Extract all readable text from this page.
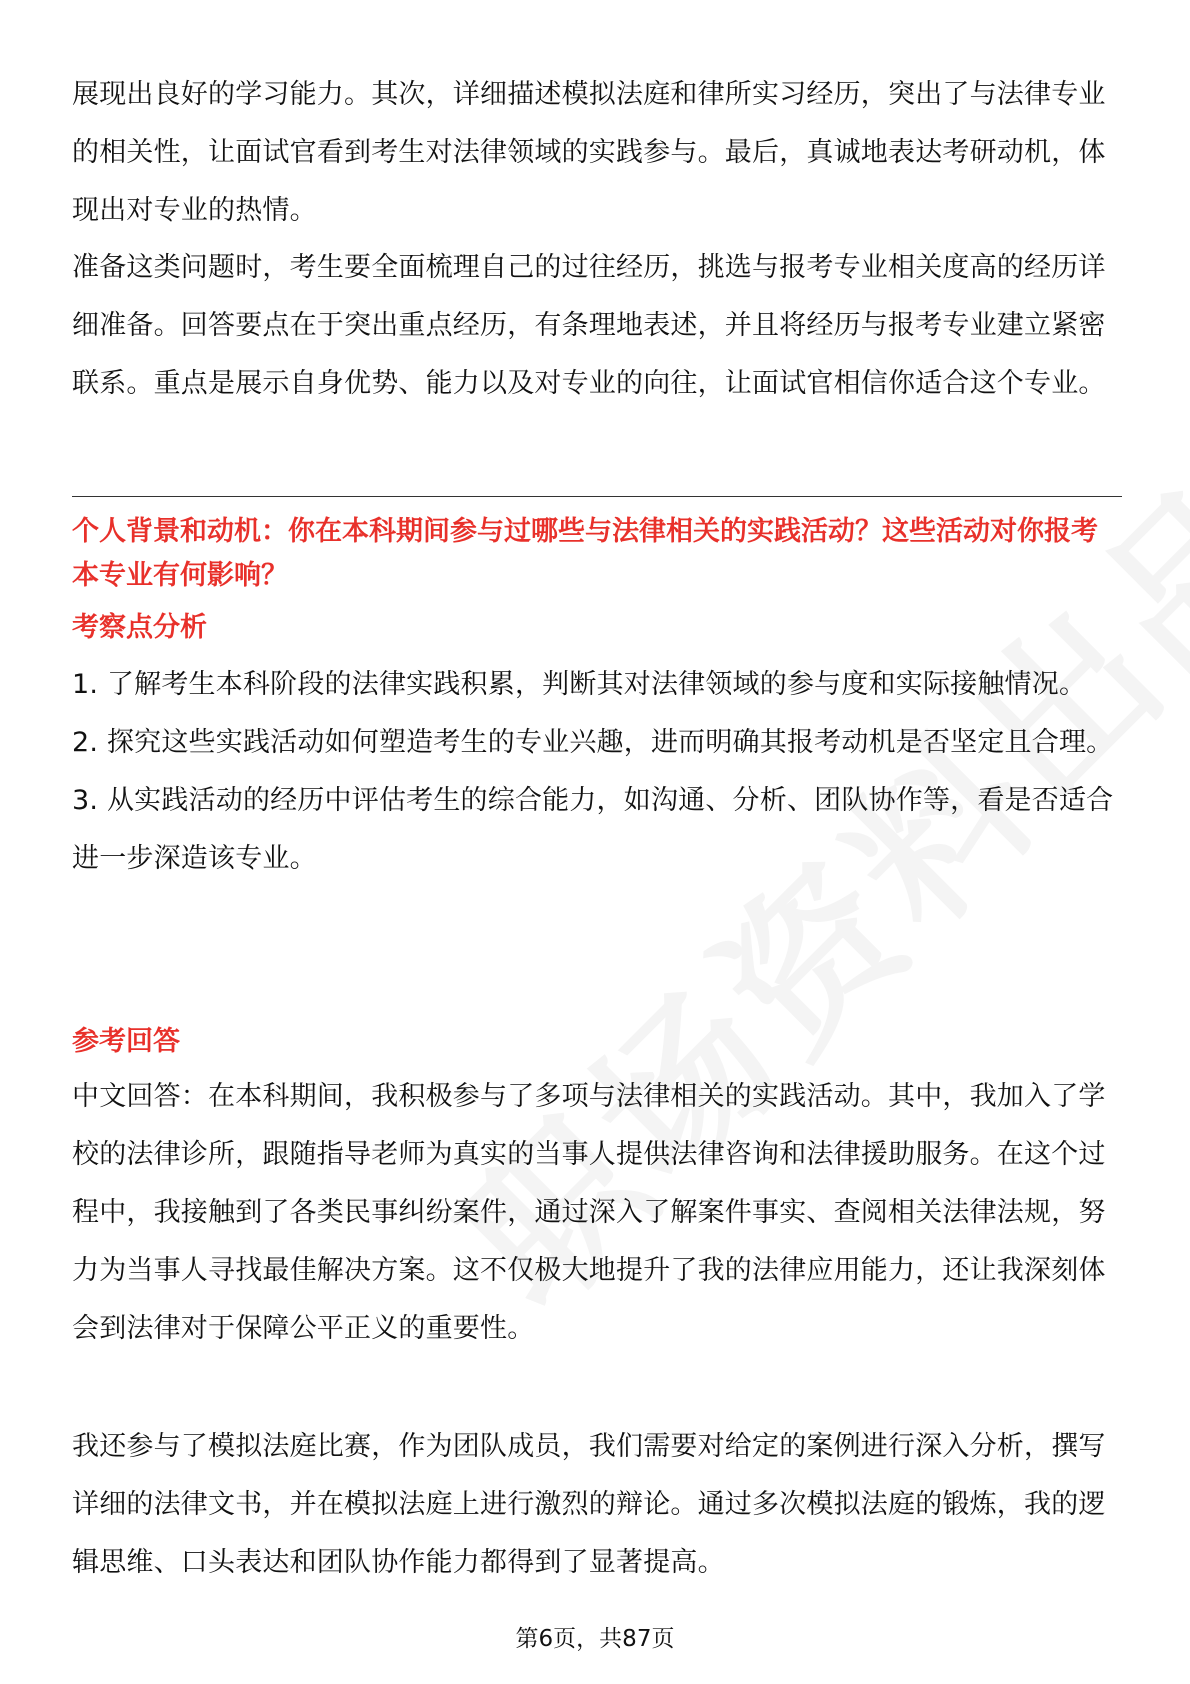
展现出良好的学习能力。其次，详细描述模拟法庭和律所实习经历，突出了与法律专业的相关性，让面试官看到考生对法律领域的实践参与。最后，真诚地表达考研动机，体现出对专业的热情。

准备这类问题时，考生要全面梳理自己的过往经历，挑选与报考专业相关度高的经历详细准备。回答要点在于突出重点经历，有条理地表述，并且将经历与报考专业建立紧密联系。重点是展示自身优势、能力以及对专业的向往，让面试官相信你适合这个专业。

个人背景和动机：你在本科期间参与过哪些与法律相关的实践活动？这些活动对你报考本专业有何影响？

考察点分析

1. 了解考生本科阶段的法律实践积累，判断其对法律领域的参与度和实际接触情况。
2. 探究这些实践活动如何塑造考生的专业兴趣，进而明确其报考动机是否坚定且合理。
3. 从实践活动的经历中评估考生的综合能力，如沟通、分析、团队协作等，看是否适合进一步深造该专业。

参考回答

中文回答：在本科期间，我积极参与了多项与法律相关的实践活动。其中，我加入了学校的法律诊所，跟随指导老师为真实的当事人提供法律咨询和法律援助服务。在这个过程中，我接触到了各类民事纠纷案件，通过深入了解案件事实、查阅相关法律法规，努力为当事人寻找最佳解决方案。这不仅极大地提升了我的法律应用能力，还让我深刻体会到法律对于保障公平正义的重要性。

我还参与了模拟法庭比赛，作为团队成员，我们需要对给定的案例进行深入分析，撰写详细的法律文书，并在模拟法庭上进行激烈的辩论。通过多次模拟法庭的锻炼，我的逻辑思维、口头表达和团队协作能力都得到了显著提高。

第6页，共87页
